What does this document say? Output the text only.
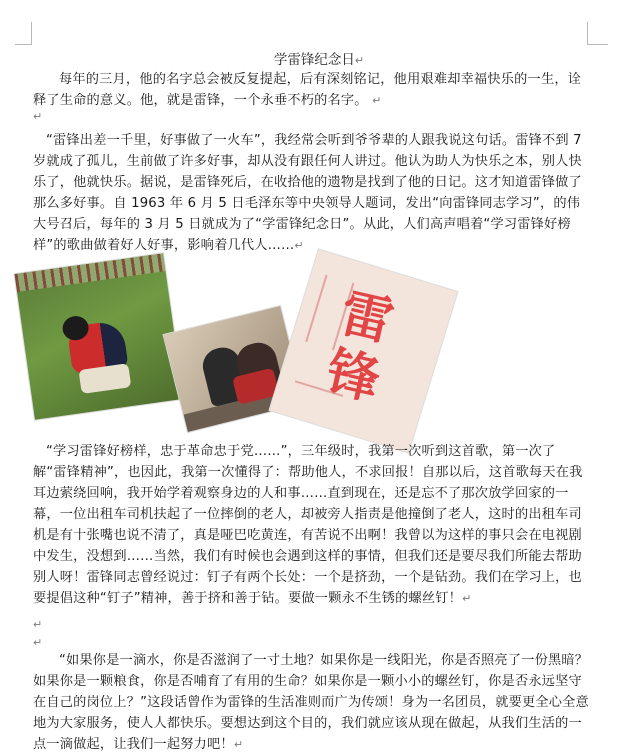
学雷锋纪念日↵
每年的三月，他的名字总会被反复提起，后有深刻铭记，他用艰难却幸福快乐的一生，诠释了生命的意义。他，就是雷锋，一个永垂不朽的名字。 ↵
↵
“雷锋出差一千里，好事做了一火车”，我经常会听到爷爷辈的人跟我说这句话。雷锋不到 7 岁就成了孤儿，生前做了许多好事，却从没有跟任何人讲过。他认为助人为快乐之本，别人快乐了，他就快乐。据说，是雷锋死后，在收拾他的遗物是找到了他的日记。这才知道雷锋做了那么多好事。自 1963 年 6 月 5 日毛泽东等中央领导人题词，发出“向雷锋同志学习”，的伟大号召后，每年的 3 月 5 日就成为了“学雷锋纪念日”。从此，人们高声唱着“学习雷锋好榜样”的歌曲做着好人好事，影响着几代人……↵
雷锋
“学习雷锋好榜样，忠于革命忠于党……”，三年级时，我第一次听到这首歌，第一次了解“雷锋精神”，也因此，我第一次懂得了：帮助他人，不求回报！自那以后，这首歌每天在我耳边萦绕回响，我开始学着观察身边的人和事……直到现在，还是忘不了那次放学回家的一幕，一位出租车司机扶起了一位摔倒的老人，却被旁人指责是他撞倒了老人，这时的出租车司机是有十张嘴也说不清了，真是哑巴吃黄连，有苦说不出啊！我曾以为这样的事只会在电视剧中发生，没想到……当然，我们有时候也会遇到这样的事情，但我们还是要尽我们所能去帮助别人呀！雷锋同志曾经说过：钉子有两个长处：一个是挤劲，一个是钻劲。我们在学习上，也要提倡这种“钉子”精神，善于挤和善于钻。要做一颗永不生锈的螺丝钉！↵
↵
↵
“如果你是一滴水，你是否滋润了一寸土地？如果你是一线阳光，你是否照亮了一份黑暗？如果你是一颗粮食，你是否哺育了有用的生命？如果你是一颗小小的螺丝钉，你是否永远坚守在自己的岗位上？”这段话曾作为雷锋的生活准则而广为传颂！身为一名团员，就要更全心全意地为大家服务，使人人都快乐。要想达到这个目的，我们就应该从现在做起，从我们生活的一点一滴做起，让我们一起努力吧！↵
